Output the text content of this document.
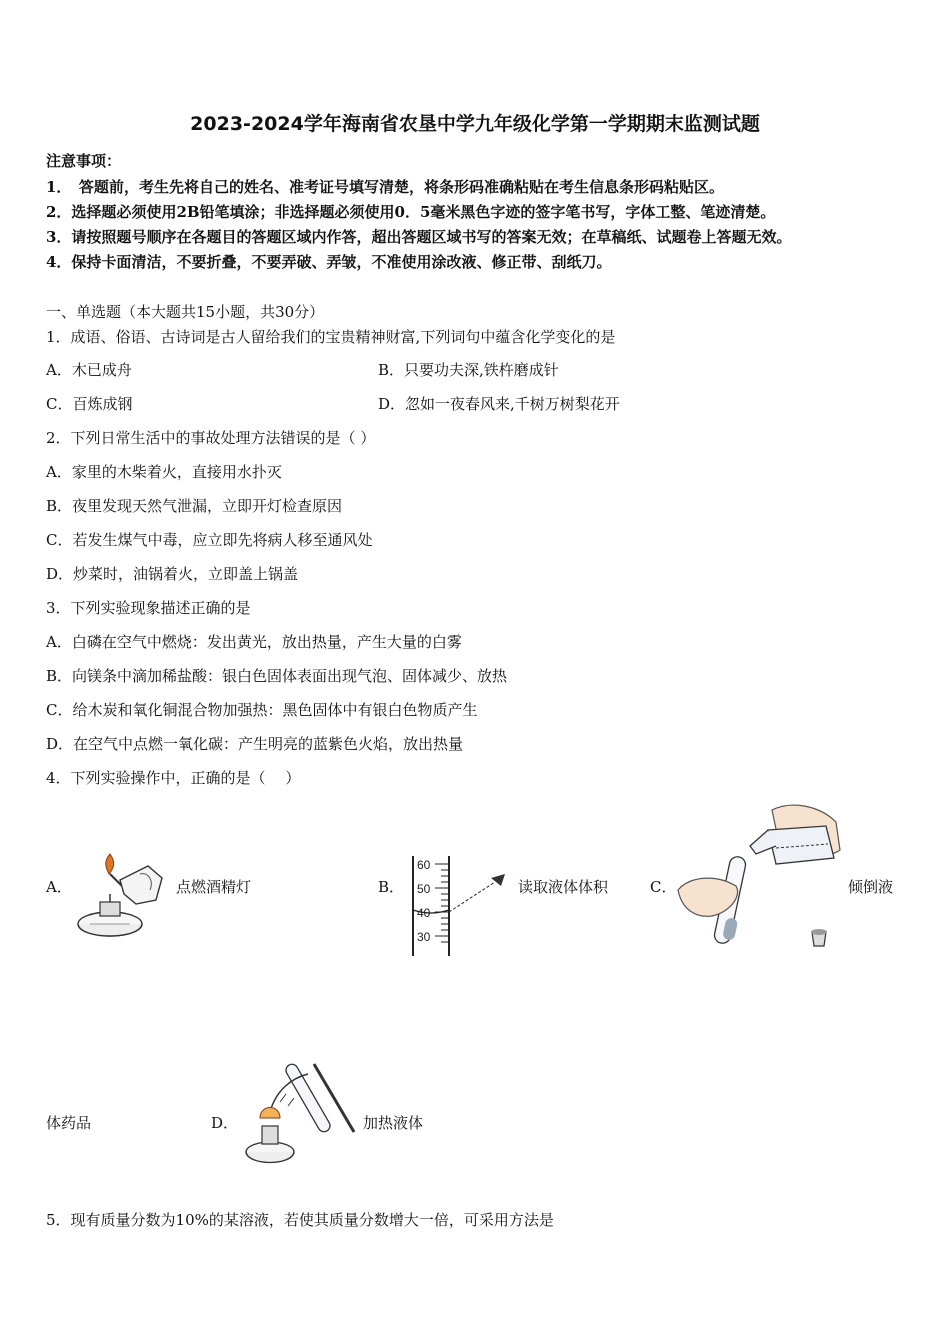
2023-2024学年海南省农垦中学九年级化学第一学期期末监测试题
注意事项：
1．　答题前，考生先将自己的姓名、准考证号填写清楚，将条形码准确粘贴在考生信息条形码粘贴区。
2．选择题必须使用2B铅笔填涂；非选择题必须使用0．5毫米黑色字迹的签字笔书写，字体工整、笔迹清楚。
3．请按照题号顺序在各题目的答题区域内作答，超出答题区域书写的答案无效；在草稿纸、试题卷上答题无效。
4．保持卡面清洁，不要折叠，不要弄破、弄皱，不准使用涂改液、修正带、刮纸刀。
一、单选题（本大题共15小题，共30分）
1．成语、俗语、古诗词是古人留给我们的宝贵精神财富,下列词句中蕴含化学变化的是
A．木已成舟	B．只要功夫深,铁杵磨成针
C．百炼成钢	D．忽如一夜春风来,千树万树梨花开
2．下列日常生活中的事故处理方法错误的是（ ）
A．家里的木柴着火，直接用水扑灭
B．夜里发现天然气泄漏，立即开灯检查原因
C．若发生煤气中毒，应立即先将病人移至通风处
D．炒菜时，油锅着火，立即盖上锅盖
3．下列实验现象描述正确的是
A．白磷在空气中燃烧：发出黄光，放出热量，产生大量的白雾
B．向镁条中滴加稀盐酸：银白色固体表面出现气泡、固体减少、放热
C．给木炭和氧化铜混合物加强热：黑色固体中有银白色物质产生
D．在空气中点燃一氧化碳：产生明亮的蓝紫色火焰，放出热量
4．下列实验操作中，正确的是（　 ）
A．	点燃酒精灯	B．
60
50
40
30
读取液体体积	C．	倾倒液
体药品	D．	加热液体
5．现有质量分数为10%的某溶液，若使其质量分数增大一倍，可采用方法是
